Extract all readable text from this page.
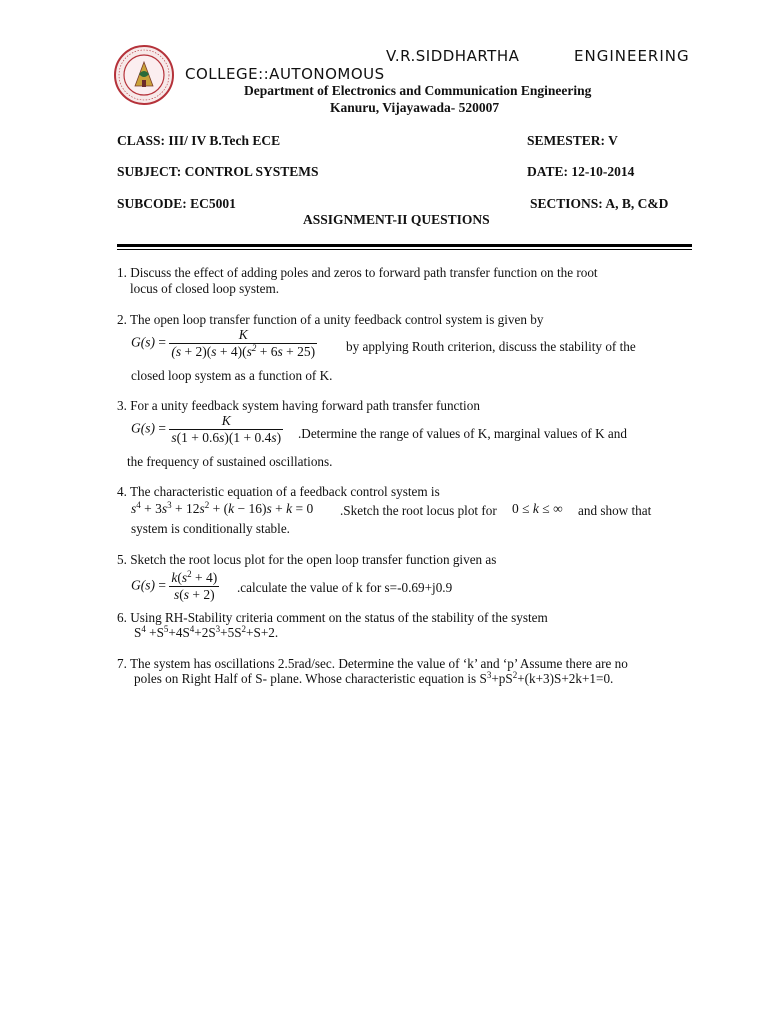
V.R.SIDDHARTHA	ENGINEERING
COLLEGE::AUTONOMOUS
Department of Electronics and Communication Engineering
Kanuru, Vijayawada- 520007
CLASS: III/ IV B.Tech ECE	SEMESTER: V
SUBJECT: CONTROL SYSTEMS	DATE: 12-10-2014
SUBCODE: EC5001	SECTIONS: A, B, C&D
ASSIGNMENT-II QUESTIONS
1. Discuss the effect of adding poles and zeros to forward path transfer function on the root
locus of closed loop system.
2. The open loop transfer function of a unity feedback control system is given by
$G(s) = \frac{K}{(s + 2)(s + 4)(s^2 + 6s + 25)}$ by applying Routh criterion, discuss the stability of the
closed loop system as a function of K.
3. For a unity feedback system having forward path transfer function
$G(s) = \frac{K}{s(1 + 0.6s)(1 + 0.4s)}$ .Determine the range of values of K, marginal values of K and
the frequency of sustained oscillations.
4. The characteristic equation of a feedback control system is
$s^4 + 3s^3 + 12s^2 + (k - 16)s + k = 0$ .Sketch the root locus plot for 0 ≤ k ≤ ∞ and show that
system is conditionally stable.
5. Sketch the root locus plot for the open loop transfer function given as
$G(s) = \frac{k(s^2 + 4)}{s(s + 2)}$ .calculate the value of k for s=-0.69+j0.9
6. Using RH-Stability criteria comment on the status of the stability of the system
$S^4 +S^5+4S^4+2S^3+5S^2+S+2$.
7. The system has oscillations 2.5rad/sec. Determine the value of ‘k’ and ‘p’ Assume there are no
poles on Right Half of S- plane. Whose characteristic equation is $S^3+pS^2+(k+3)S+2k+1=0$.
